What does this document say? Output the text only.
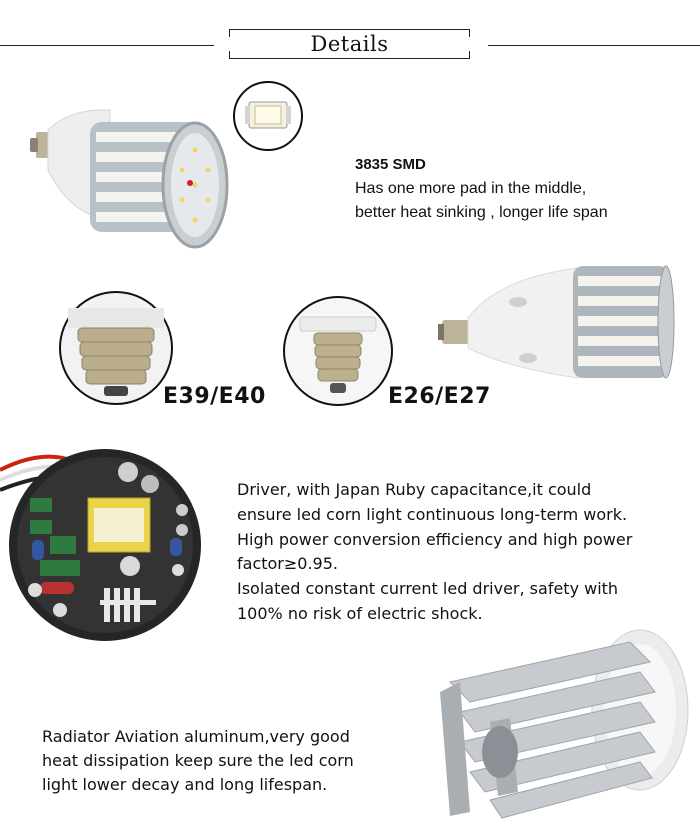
Details
3835 SMD
Has one more pad in the middle,
better heat sinking , longer life span
E39/E40	E26/E27
Driver, with Japan Ruby capacitance,it could
ensure led corn light continuous long-term work.
High power conversion efficiency and high power
factor≥0.95.
Isolated constant current led driver, safety with
100% no risk of electric shock.
Radiator Aviation aluminum,very good
heat dissipation keep sure the led corn
light lower decay and long lifespan.
